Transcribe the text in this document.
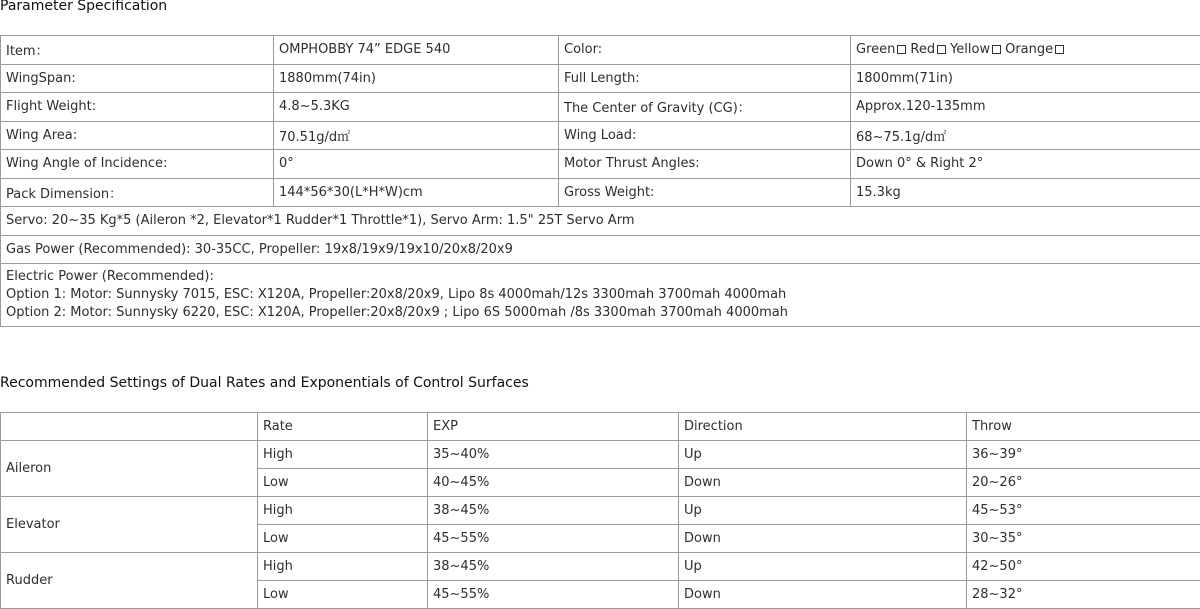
Parameter Specification
Item：	OMPHOBBY 74” EDGE 540	Color:	Green Red Yellow Orange
WingSpan:	1880mm(74in)	Full Length:	1800mm(71in)
Flight Weight:	4.8~5.3KG	The Center of Gravity (CG)：	Approx.120-135mm
Wing Area:	70.51g/d㎡	Wing Load:	68~75.1g/d㎡
Wing Angle of Incidence:	0°	Motor Thrust Angles:	Down 0° & Right 2°
Pack Dimension：	144*56*30(L*H*W)cm	Gross Weight:	15.3kg
Servo: 20~35 Kg*5 (Aileron *2, Elevator*1 Rudder*1 Throttle*1), Servo Arm: 1.5" 25T Servo Arm			
Gas Power (Recommended): 30-35CC, Propeller: 19x8/19x9/19x10/20x8/20x9			

Electric Power (Recommended):
Option 1: Motor: Sunnysky 7015, ESC: X120A, Propeller:20x8/20x9, Lipo 8s 4000mah/12s 3300mah 3700mah 4000mah
Option 2: Motor: Sunnysky 6220, ESC: X120A, Propeller:20x8/20x9 ; Lipo 6S 5000mah /8s 3300mah 3700mah 4000mah			
Recommended Settings of Dual Rates and Exponentials of Control Surfaces
	Rate	EXP	Direction	Throw
Aileron	High	35~40%	Up	36~39°
	Low	40~45%	Down	20~26°
Elevator	High	38~45%	Up	45~53°
	Low	45~55%	Down	30~35°
Rudder	High	38~45%	Up	42~50°
	Low	45~55%	Down	28~32°
